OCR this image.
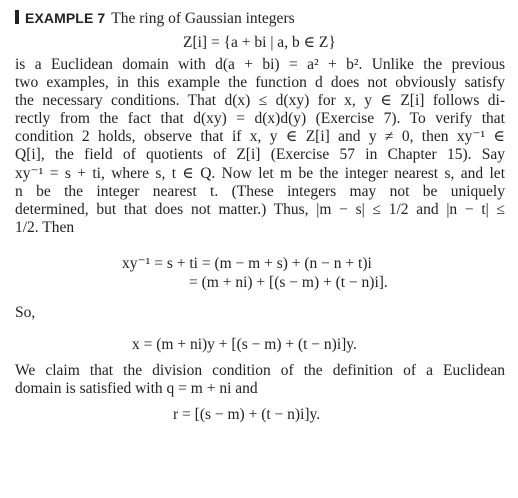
EXAMPLE 7 The ring of Gaussian integers
Z[i] = {a + bi | a, b ∈ Z}

is a Euclidean domain with d(a + bi) = a² + b². Unlike the previous
two examples, in this example the function d does not obviously satisfy
the necessary conditions. That d(x) ≤ d(xy) for x, y ∈ Z[i] follows di-
rectly from the fact that d(xy) = d(x)d(y) (Exercise 7). To verify that
condition 2 holds, observe that if x, y ∈ Z[i] and y ≠ 0, then xy⁻¹ ∈
Q[i], the field of quotients of Z[i] (Exercise 57 in Chapter 15). Say
xy⁻¹ = s + ti, where s, t ∈ Q. Now let m be the integer nearest s, and let
n be the integer nearest t. (These integers may not be uniquely
determined, but that does not matter.) Thus, |m − s| ≤ 1/2 and |n − t| ≤
1/2. Then

xy⁻¹ = s + ti = (m − m + s) + (n − n + t)i
= (m + ni) + [(s − m) + (t − n)i].
So,
x = (m + ni)y + [(s − m) + (t − n)i]y.

We claim that the division condition of the definition of a Euclidean
domain is satisfied with q = m + ni and

r = [(s − m) + (t − n)i]y.
